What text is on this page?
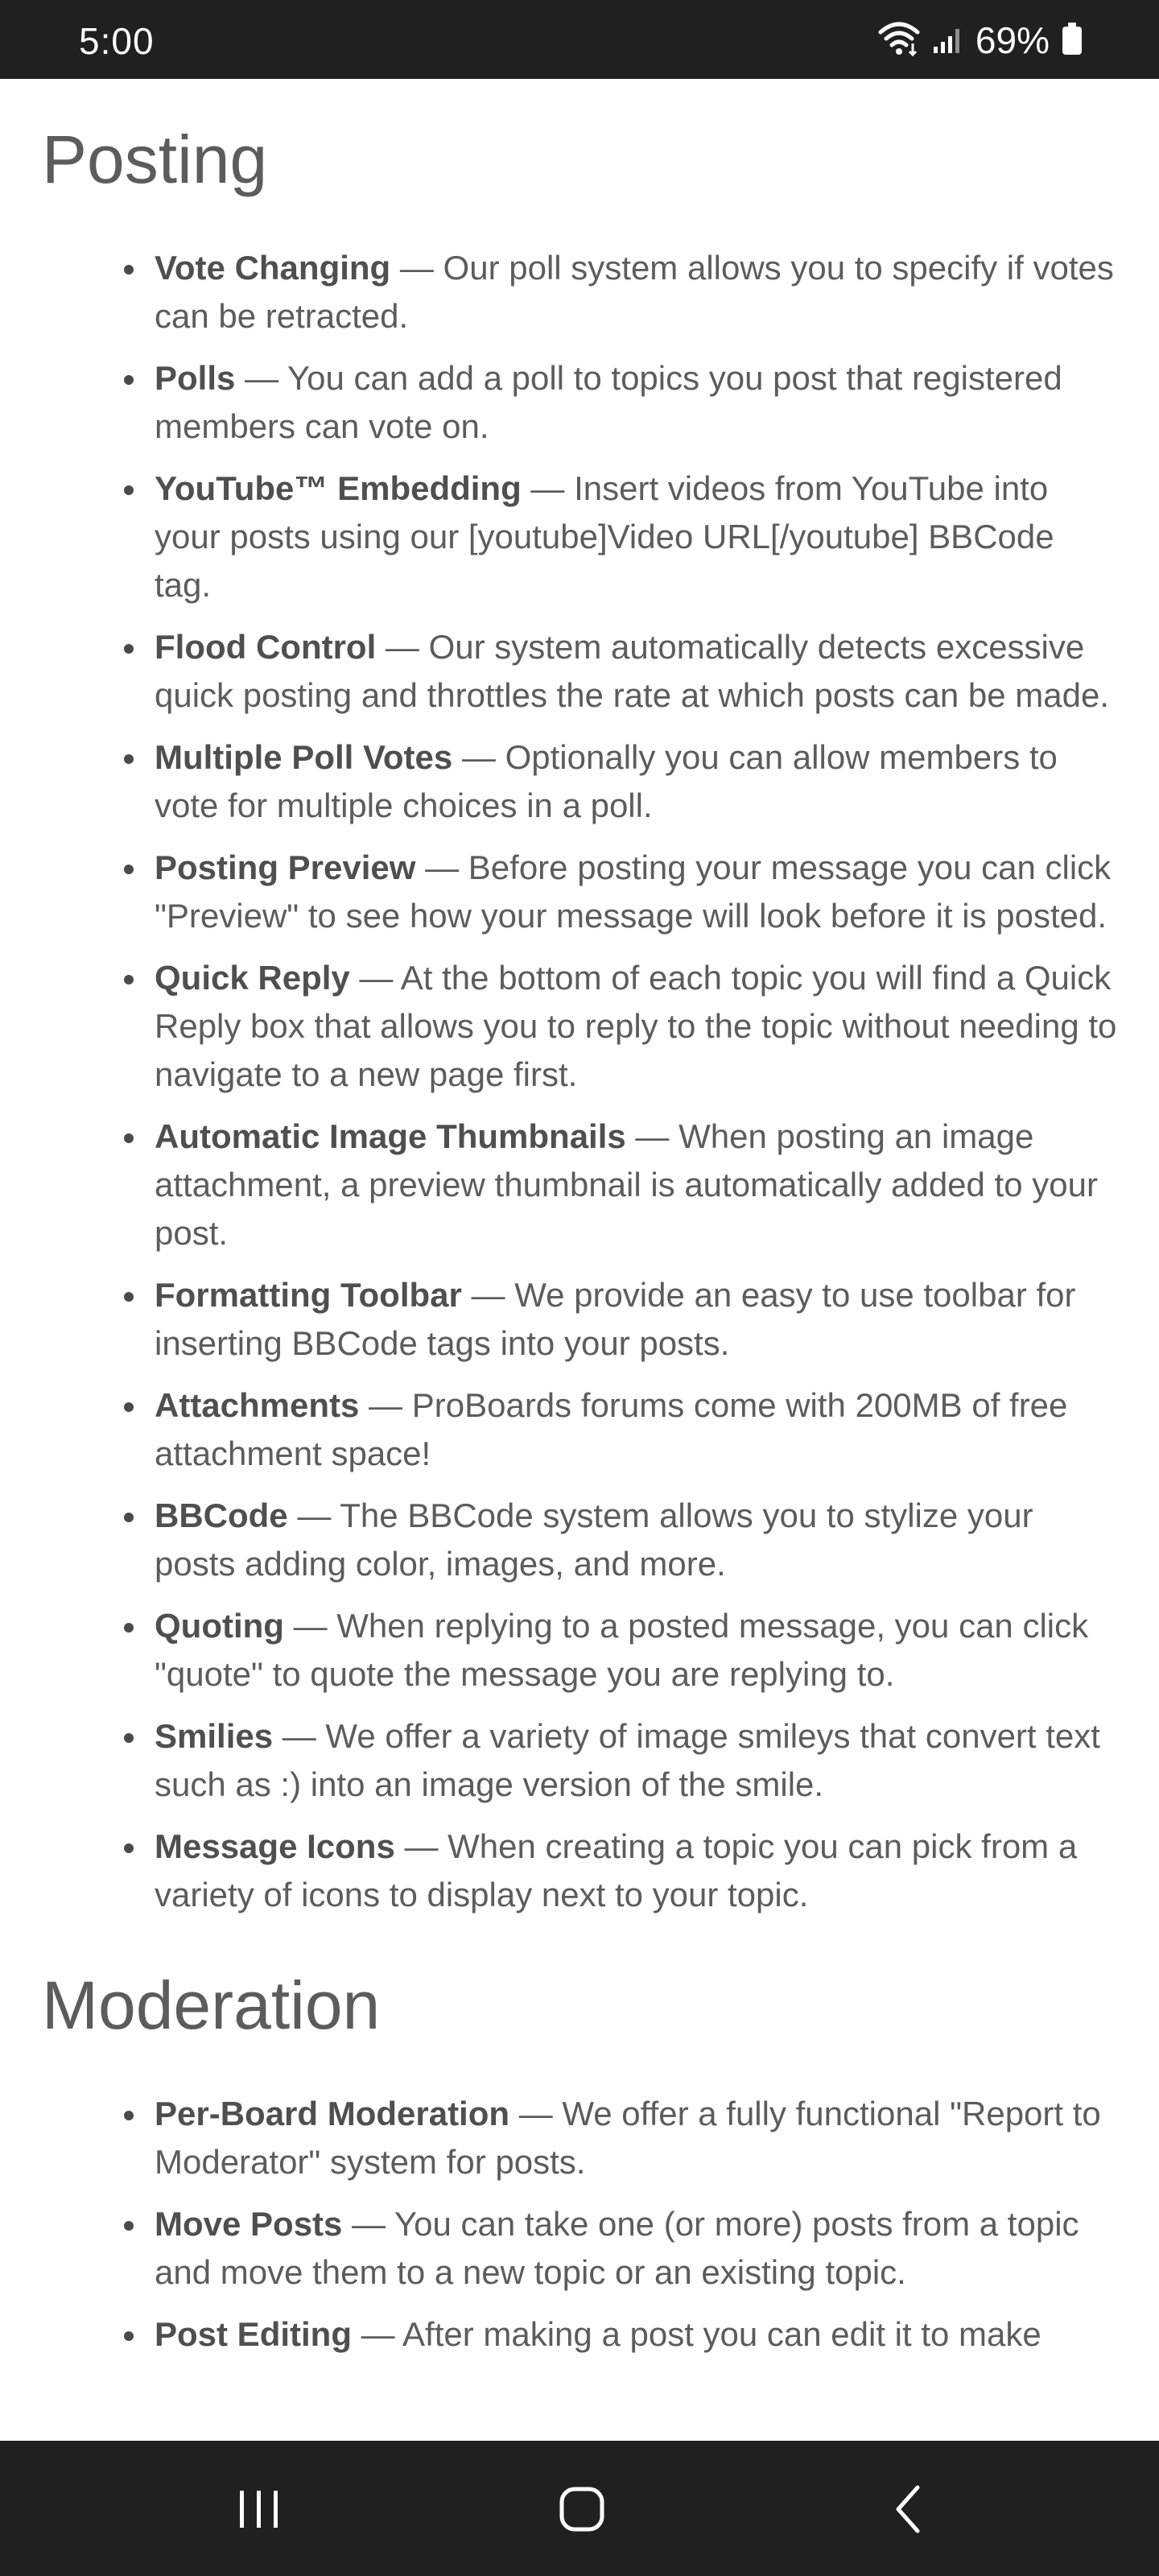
5:00	69%
Posting
Vote Changing — Our poll system allows you to specify if votes can be retracted.
Polls — You can add a poll to topics you post that registered members can vote on.
YouTube™ Embedding — Insert videos from YouTube into your posts using our [youtube]Video URL[/youtube] BBCode tag.
Flood Control — Our system automatically detects excessive quick posting and throttles the rate at which posts can be made.
Multiple Poll Votes — Optionally you can allow members to vote for multiple choices in a poll.
Posting Preview — Before posting your message you can click "Preview" to see how your message will look before it is posted.
Quick Reply — At the bottom of each topic you will find a Quick Reply box that allows you to reply to the topic without needing to navigate to a new page first.
Automatic Image Thumbnails — When posting an image attachment, a preview thumbnail is automatically added to your post.
Formatting Toolbar — We provide an easy to use toolbar for inserting BBCode tags into your posts.
Attachments — ProBoards forums come with 200MB of free attachment space!
BBCode — The BBCode system allows you to stylize your posts adding color, images, and more.
Quoting — When replying to a posted message, you can click "quote" to quote the message you are replying to.
Smilies — We offer a variety of image smileys that convert text such as :) into an image version of the smile.
Message Icons — When creating a topic you can pick from a variety of icons to display next to your topic.
Moderation
Per-Board Moderation — We offer a fully functional "Report to Moderator" system for posts.
Move Posts — You can take one (or more) posts from a topic and move them to a new topic or an existing topic.
Post Editing — After making a post you can edit it to make
